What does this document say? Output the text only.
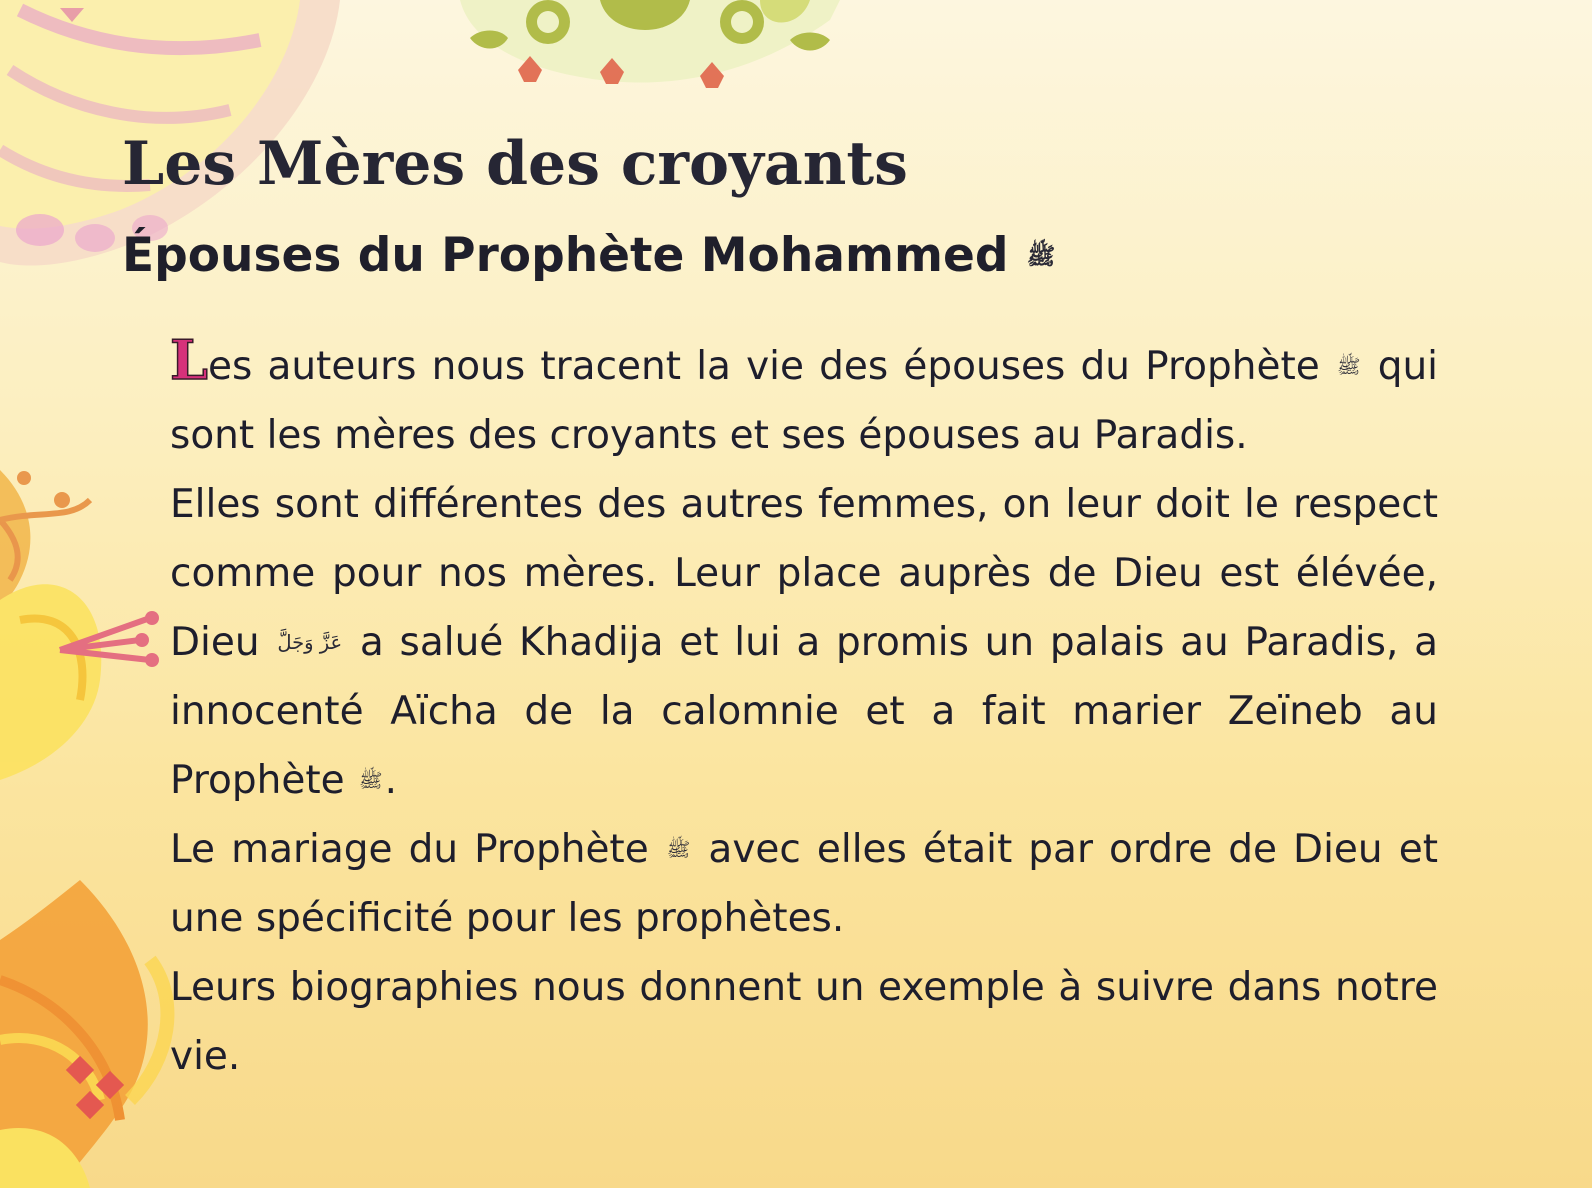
Les Mères des croyants
Épouses du Prophète Mohammed ﷺ

Les auteurs nous tracent la vie des épouses du Prophète ﷺ qui sont les mères des croyants et ses épouses au Paradis.

Elles sont différentes des autres femmes, on leur doit le respect comme pour nos mères. Leur place auprès de Dieu est élévée, Dieu عَزَّ وَجَلَّ a salué Khadija et lui a promis un palais au Paradis, a innocenté Aïcha de la calomnie et a fait marier Zeïneb au Prophète ﷺ.

Le mariage du Prophète ﷺ avec elles était par ordre de Dieu et une spécificité pour les prophètes.

Leurs biographies nous donnent un exemple à suivre dans notre vie.
